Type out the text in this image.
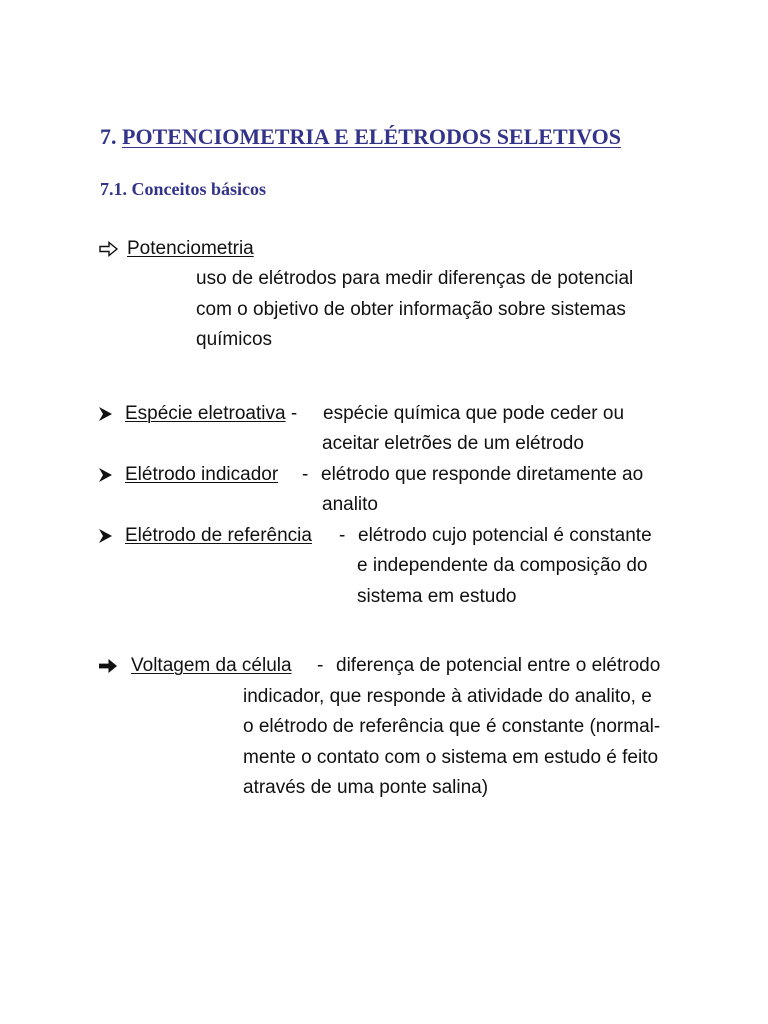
7. POTENCIOMETRIA E ELÉTRODOS SELETIVOS
7.1. Conceitos básicos
Potenciometria
uso de elétrodos para medir diferenças de potencial
com o objetivo de obter informação sobre sistemas
químicos
Espécie eletroativa - espécie química que pode ceder ou
aceitar eletrões de um elétrodo
Elétrodo indicador - elétrodo que responde diretamente ao
analito
Elétrodo de referência - elétrodo cujo potencial é constante
e independente da composição do
sistema em estudo
Voltagem da célula - diferença de potencial entre o elétrodo
indicador, que responde à atividade do analito, e
o elétrodo de referência que é constante (normal-
mente o contato com o sistema em estudo é feito
através de uma ponte salina)
